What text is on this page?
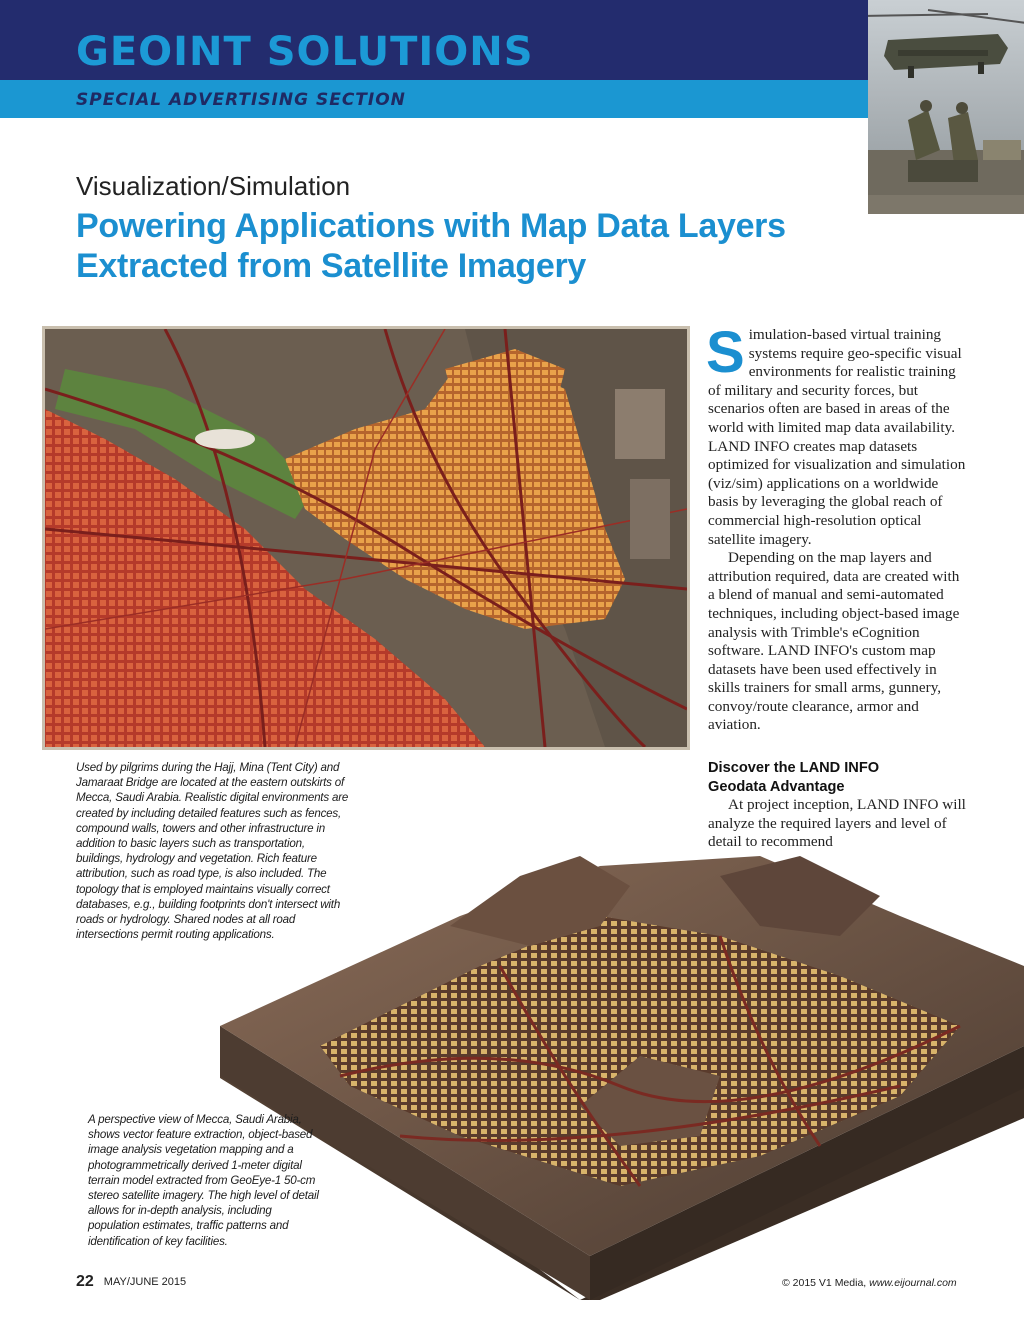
GEOINT SOLUTIONS
SPECIAL ADVERTISING SECTION
Visualization/Simulation
Powering Applications with Map Data Layers
Extracted from Satellite Imagery
Used by pilgrims during the Hajj, Mina (Tent City) and Jamaraat Bridge are located at the eastern outskirts of Mecca, Saudi Arabia. Realistic digital environments are created by including detailed features such as fences, compound walls, towers and other infrastructure in addition to basic layers such as transportation, buildings, hydrology and vegetation. Rich feature attribution, such as road type, is also included. The topology that is employed maintains visually correct databases, e.g., building footprints don't intersect with roads or hydrology. Shared nodes at all road intersections permit routing applications.

Simulation-based virtual training systems require geo-specific visual environments for realistic training of military and security forces, but scenarios often are based in areas of the world with limited map data availability. LAND INFO creates map datasets optimized for visualization and simulation (viz/sim) applications on a worldwide basis by leveraging the global reach of commercial high-resolution optical satellite imagery.

Depending on the map layers and attribution required, data are created with a blend of manual and semi-automated techniques, including object-based image analysis with Trimble's eCognition software. LAND INFO's custom map datasets have been used effectively in skills trainers for small arms, gunnery, convoy/route clearance, armor and aviation.

Discover the LAND INFO
Geodata Advantage

At project inception, LAND INFO will analyze the required layers and level of detail to recommend

A perspective view of Mecca, Saudi Arabia, shows vector feature extraction, object-based image analysis vegetation mapping and a photogrammetrically derived 1-meter digital terrain model extracted from GeoEye-1 50-cm stereo satellite imagery. The high level of detail allows for in-depth analysis, including population estimates, traffic patterns and identification of key facilities.
22 MAY/JUNE 2015	© 2015 V1 Media, www.eijournal.com
